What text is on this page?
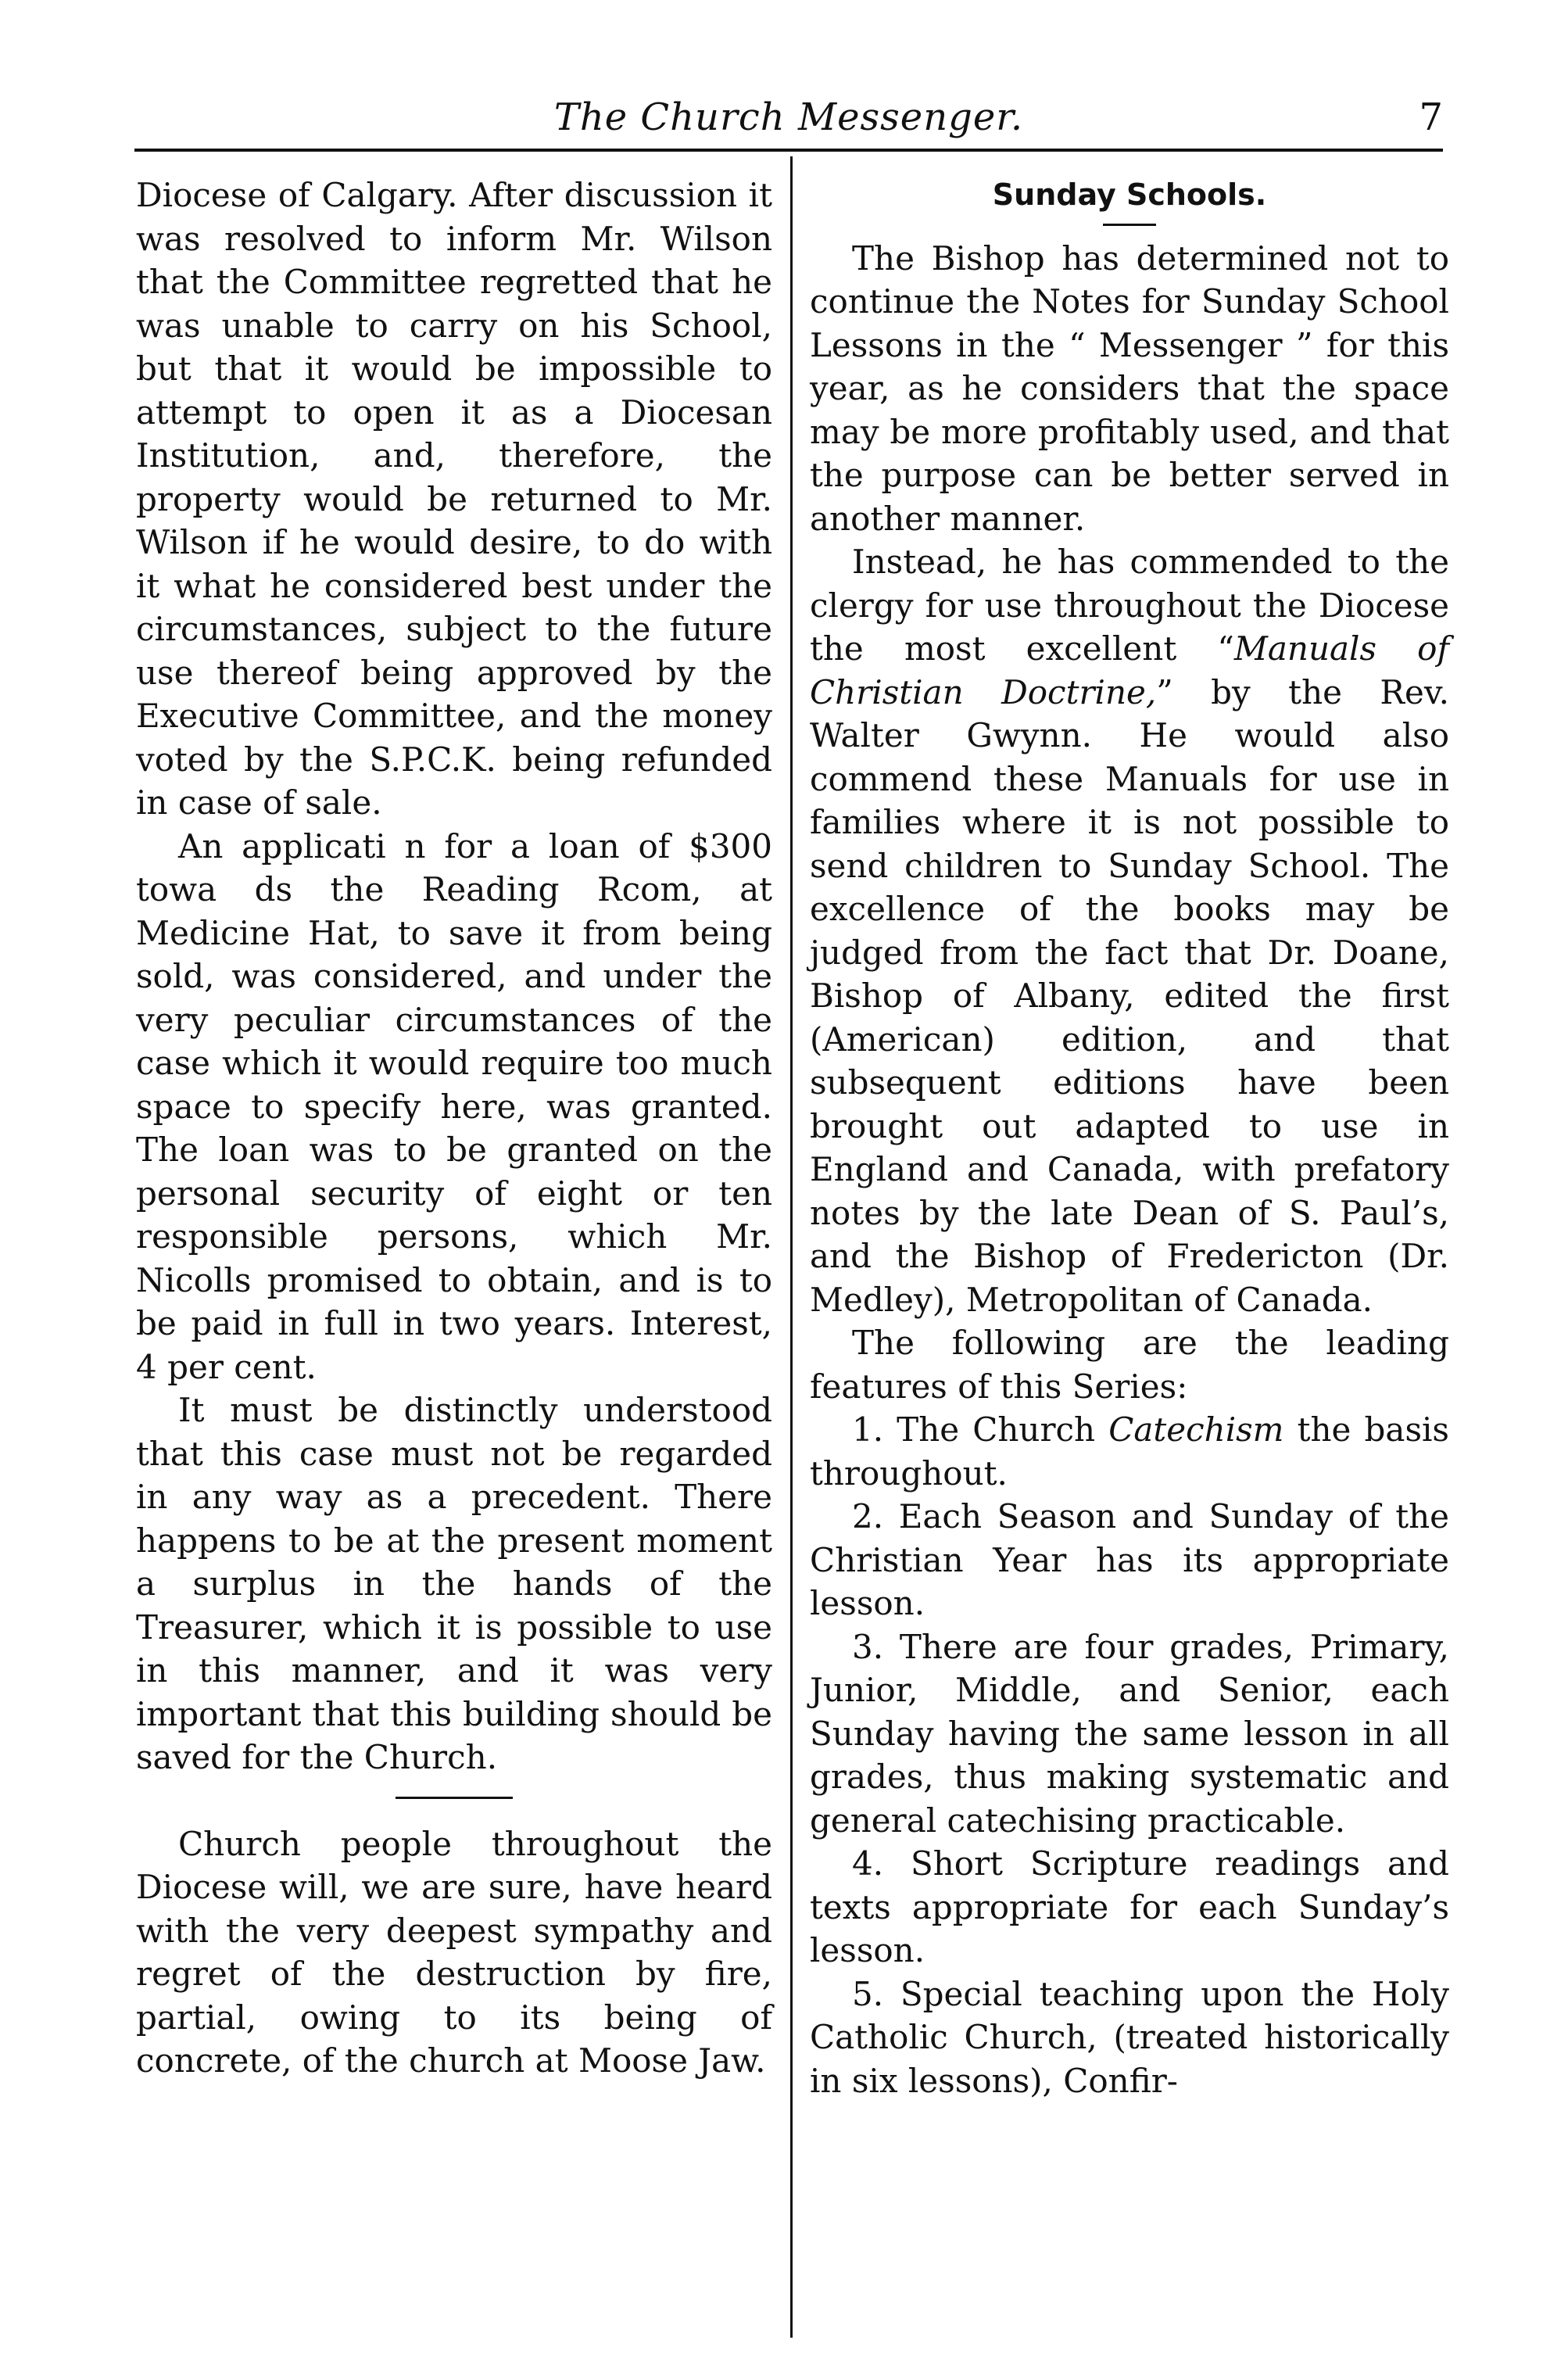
The Church Messenger.	7

Diocese of Calgary. After discussion it was resolved to inform Mr. Wilson that the Committee regretted that he was unable to carry on his School, but that it would be impossible to attempt to open it as a Diocesan Institution, and, therefore, the property would be returned to Mr. Wilson if he would desire, to do with it what he considered best under the circumstances, subject to the future use thereof being approved by the Executive Committee, and the money voted by the S.P.C.K. being refunded in case of sale.

An applicati n for a loan of $300 towa ds the Reading Rcom, at Medicine Hat, to save it from being sold, was considered, and under the very peculiar circumstances of the case which it would require too much space to specify here, was granted. The loan was to be granted on the personal security of eight or ten responsible persons, which Mr. Nicolls promised to obtain, and is to be paid in full in two years. Interest, 4 per cent.

It must be distinctly understood that this case must not be regarded in any way as a precedent. There happens to be at the present moment a surplus in the hands of the Treasurer, which it is possible to use in this manner, and it was very important that this building should be saved for the Church.

Church people throughout the Diocese will, we are sure, have heard with the very deepest sympathy and regret of the destruction by fire, partial, owing to its being of concrete, of the church at Moose Jaw.

Sunday Schools.

The Bishop has determined not to continue the Notes for Sunday School Lessons in the “ Messenger ” for this year, as he considers that the space may be more profitably used, and that the purpose can be better served in another manner.

Instead, he has commended to the clergy for use throughout the Diocese the most excellent “Manuals of Christian Doctrine,” by the Rev. Walter Gwynn. He would also commend these Manuals for use in families where it is not possible to send children to Sunday School. The excellence of the books may be judged from the fact that Dr. Doane, Bishop of Albany, edited the first (American) edition, and that subsequent editions have been brought out adapted to use in England and Canada, with prefatory notes by the late Dean of S. Paul’s, and the Bishop of Fredericton (Dr. Medley), Metropolitan of Canada.

The following are the leading features of this Series:

1. The Church Catechism the basis throughout.

2. Each Season and Sunday of the Christian Year has its appropriate lesson.

3. There are four grades, Primary, Junior, Middle, and Senior, each Sunday having the same lesson in all grades, thus making systematic and general catechising practicable.

4. Short Scripture readings and texts appropriate for each Sunday’s lesson.

5. Special teaching upon the Holy Catholic Church, (treated historically in six lessons), Confir-
